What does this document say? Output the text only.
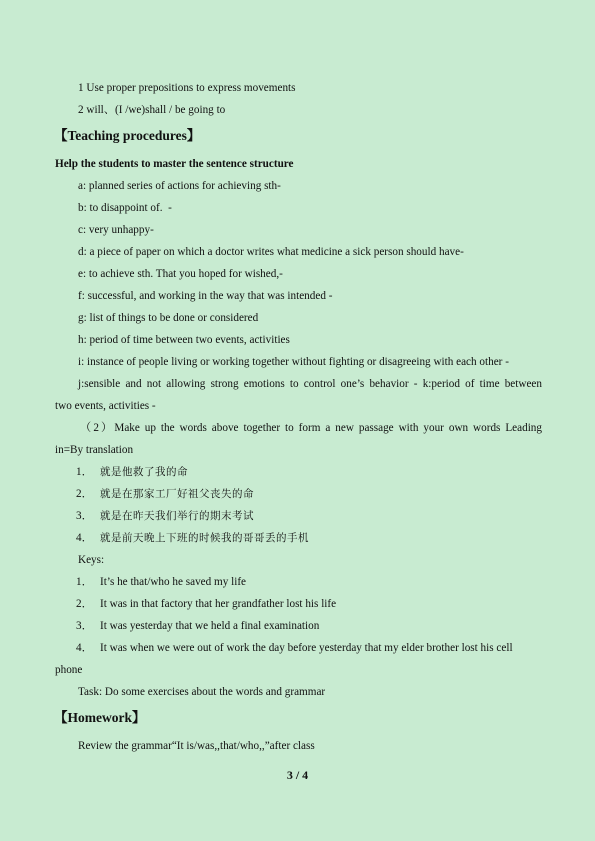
1 Use proper prepositions to express movements
2 will、(I /we)shall / be going to
【Teaching procedures】
Help the students to master the sentence structure
a: planned series of actions for achieving sth-
b: to disappoint of.  -
c: very unhappy-
d: a piece of paper on which a doctor writes what medicine a sick person should have-
e: to achieve sth. That you hoped for wished,-
f: successful, and working in the way that was intended -
g: list of things to be done or considered
h: period of time between two events, activities
i: instance of people living or working together without fighting or disagreeing with each other -
j:sensible and not allowing strong emotions to control one’s behavior - k:period of time between
two events, activities -
（2）Make up the words above together to form a new passage with your own words Leading
in=By translation
1． 就是他救了我的命
2． 就是在那家工厂好祖父丧失的命
3． 就是在昨天我们举行的期末考试
4． 就是前天晚上下班的时候我的哥哥丢的手机
Keys:
1． It’s he that/who he saved my life
2． It was in that factory that her grandfather lost his life
3． It was yesterday that we held a final examination
4． It was when we were out of work the day before yesterday that my elder brother lost his cell
phone
Task: Do some exercises about the words and grammar
【Homework】
Review the grammar“It is/was,,that/who,,”after class
3 / 4
